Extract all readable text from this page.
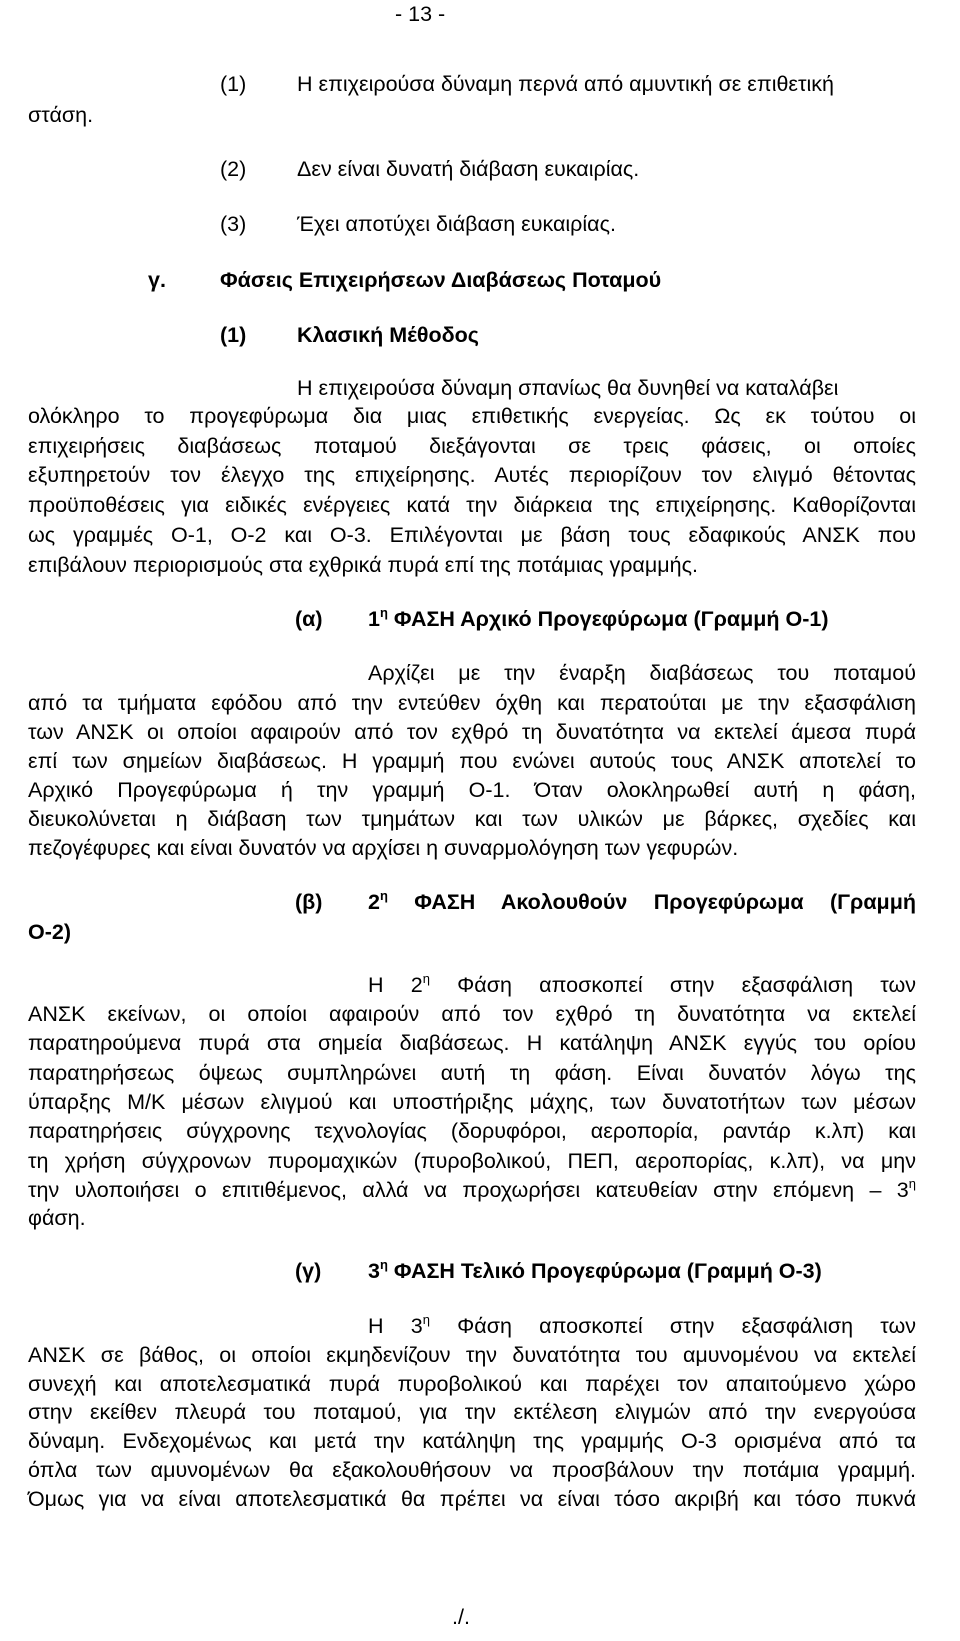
- 13 -
(1) Η επιχειρούσα δύναμη περνά από αμυντική σε επιθετική
στάση.
(2) Δεν είναι δυνατή διάβαση ευκαιρίας.
(3) Έχει αποτύχει διάβαση ευκαιρίας.
γ.	Φάσεις Επιχειρήσεων Διαβάσεως Ποταμού
(1) Κλασική Μέθοδος
Η επιχειρούσα δύναμη σπανίως θα δυνηθεί να καταλάβει
ολόκληρο το προγεφύρωμα δια μιας επιθετικής ενεργείας. Ως εκ τούτου οι
επιχειρήσεις διαβάσεως ποταμού διεξάγονται σε τρεις φάσεις, οι οποίες
εξυπηρετούν τον έλεγχο της επιχείρησης. Αυτές περιορίζουν τον ελιγμό θέτοντας
προϋποθέσεις για ειδικές ενέργειες κατά την διάρκεια της επιχείρησης. Καθορίζονται
ως γραμμές Ο-1, Ο-2 και Ο-3. Επιλέγονται με βάση τους εδαφικούς ΑΝΣΚ που
επιβάλουν περιορισμούς στα εχθρικά πυρά επί της ποτάμιας γραμμής.
(α) $1^\eta$ ΦΑΣΗ Αρχικό Προγεφύρωμα (Γραμμή Ο-1)
Αρχίζει με την έναρξη διαβάσεως του ποταμού
από τα τμήματα εφόδου από την εντεύθεν όχθη και περατούται με την εξασφάλιση
των ΑΝΣΚ οι οποίοι αφαιρούν από τον εχθρό τη δυνατότητα να εκτελεί άμεσα πυρά
επί των σημείων διαβάσεως. Η γραμμή που ενώνει αυτούς τους ΑΝΣΚ αποτελεί το
Αρχικό Προγεφύρωμα ή την γραμμή Ο-1. Όταν ολοκληρωθεί αυτή η φάση,
διευκολύνεται η διάβαση των τμημάτων και των υλικών με βάρκες, σχεδίες και
πεζογέφυρες και είναι δυνατόν να αρχίσει η συναρμολόγηση των γεφυρών.
(β) $2^\eta$ ΦΑΣΗ Ακολουθούν Προγεφύρωμα (Γραμμή
Ο-2)
Η $2^\eta$ Φάση αποσκοπεί στην εξασφάλιση των
ΑΝΣΚ εκείνων, οι οποίοι αφαιρούν από τον εχθρό τη δυνατότητα να εκτελεί
παρατηρούμενα πυρά στα σημεία διαβάσεως. Η κατάληψη ΑΝΣΚ εγγύς του ορίου
παρατηρήσεως όψεως συμπληρώνει αυτή τη φάση. Είναι δυνατόν λόγω της
ύπαρξης Μ/Κ μέσων ελιγμού και υποστήριξης μάχης, των δυνατοτήτων των μέσων
παρατηρήσεις σύγχρονης τεχνολογίας (δορυφόροι, αεροπορία, ραντάρ κ.λπ) και
τη χρήση σύγχρονων πυρομαχικών (πυροβολικού, ΠΕΠ, αεροπορίας, κ.λπ), να μην
την υλοποιήσει ο επιτιθέμενος, αλλά να προχωρήσει κατευθείαν στην επόμενη – $3^\eta$
φάση.
(γ) $3^\eta$ ΦΑΣΗ Τελικό Προγεφύρωμα (Γραμμή Ο-3)
Η $3^\eta$ Φάση αποσκοπεί στην εξασφάλιση των
ΑΝΣΚ σε βάθος, οι οποίοι εκμηδενίζουν την δυνατότητα του αμυνομένου να εκτελεί
συνεχή και αποτελεσματικά πυρά πυροβολικού και παρέχει τον απαιτούμενο χώρο
στην εκείθεν πλευρά του ποταμού, για την εκτέλεση ελιγμών από την ενεργούσα
δύναμη. Ενδεχομένως και μετά την κατάληψη της γραμμής Ο-3 ορισμένα από τα
όπλα των αμυνομένων θα εξακολουθήσουν να προσβάλουν την ποτάμια γραμμή.
Όμως για να είναι αποτελεσματικά θα πρέπει να είναι τόσο ακριβή και τόσο πυκνά
./.
